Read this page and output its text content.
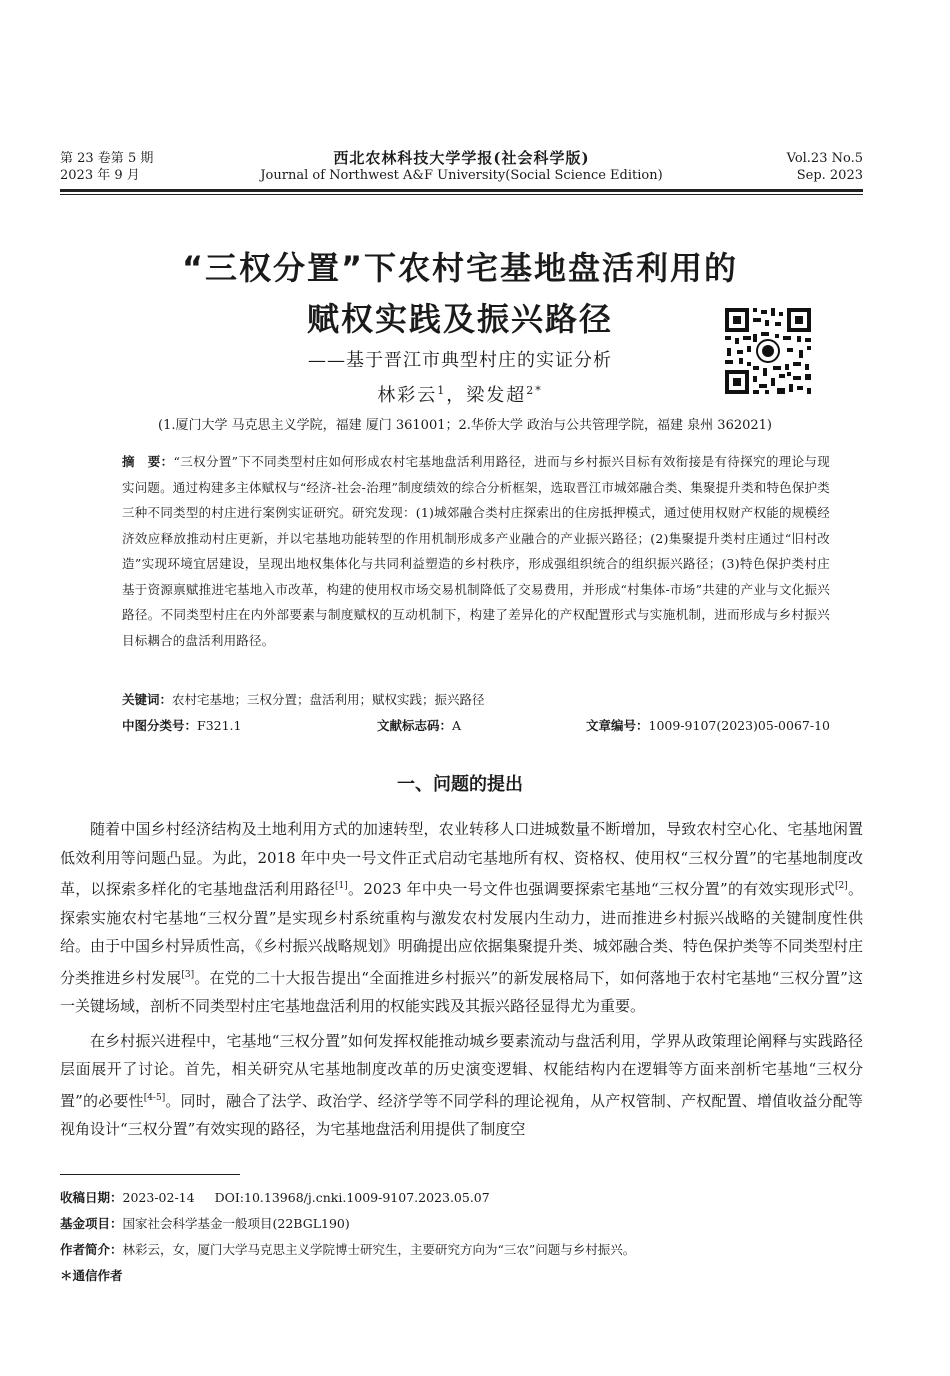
第 23 卷第 5 期
2023 年 9 月
西北农林科技大学学报(社会科学版)
Journal of Northwest A&F University(Social Science Edition)
Vol.23 No.5
Sep. 2023
“三权分置”下农村宅基地盘活利用的
赋权实践及振兴路径
——基于晋江市典型村庄的实证分析
林彩云$^1$，梁发超$^{2*}$
(1.厦门大学 马克思主义学院，福建 厦门 361001；2.华侨大学 政治与公共管理学院，福建 泉州 362021)
摘　要：“三权分置”下不同类型村庄如何形成农村宅基地盘活利用路径，进而与乡村振兴目标有效衔接是有待探究的理论与现实问题。通过构建多主体赋权与“经济-社会-治理”制度绩效的综合分析框架，选取晋江市城郊融合类、集聚提升类和特色保护类三种不同类型的村庄进行案例实证研究。研究发现：(1)城郊融合类村庄探索出的住房抵押模式，通过使用权财产权能的规模经济效应释放推动村庄更新，并以宅基地功能转型的作用机制形成多产业融合的产业振兴路径；(2)集聚提升类村庄通过“旧村改造”实现环境宜居建设，呈现出地权集体化与共同利益塑造的乡村秩序，形成强组织统合的组织振兴路径；(3)特色保护类村庄基于资源禀赋推进宅基地入市改革，构建的使用权市场交易机制降低了交易费用，并形成“村集体-市场”共建的产业与文化振兴路径。不同类型村庄在内外部要素与制度赋权的互动机制下，构建了差异化的产权配置形式与实施机制，进而形成与乡村振兴目标耦合的盘活利用路径。
关键词：农村宅基地；三权分置；盘活利用；赋权实践；振兴路径
中图分类号：F321.1	文献标志码：A	文章编号：1009-9107(2023)05-0067-10
一、问题的提出

随着中国乡村经济结构及土地利用方式的加速转型，农业转移人口进城数量不断增加，导致农村空心化、宅基地闲置低效利用等问题凸显。为此，2018 年中央一号文件正式启动宅基地所有权、资格权、使用权“三权分置”的宅基地制度改革，以探索多样化的宅基地盘活利用路径[1]。2023 年中央一号文件也强调要探索宅基地“三权分置”的有效实现形式[2]。探索实施农村宅基地“三权分置”是实现乡村系统重构与激发农村发展内生动力，进而推进乡村振兴战略的关键制度性供给。由于中国乡村异质性高，《乡村振兴战略规划》明确提出应依据集聚提升类、城郊融合类、特色保护类等不同类型村庄分类推进乡村发展[3]。在党的二十大报告提出“全面推进乡村振兴”的新发展格局下，如何落地于农村宅基地“三权分置”这一关键场域，剖析不同类型村庄宅基地盘活利用的权能实践及其振兴路径显得尤为重要。

在乡村振兴进程中，宅基地“三权分置”如何发挥权能推动城乡要素流动与盘活利用，学界从政策理论阐释与实践路径层面展开了讨论。首先，相关研究从宅基地制度改革的历史演变逻辑、权能结构内在逻辑等方面来剖析宅基地“三权分置”的必要性[4-5]。同时，融合了法学、政治学、经济学等不同学科的理论视角，从产权管制、产权配置、增值收益分配等视角设计“三权分置”有效实现的路径，为宅基地盘活利用提供了制度空

收稿日期：2023-02-14 DOI:10.13968/j.cnki.1009-9107.2023.05.07
基金项目：国家社会科学基金一般项目(22BGL190)
作者简介：林彩云，女，厦门大学马克思主义学院博士研究生，主要研究方向为“三农”问题与乡村振兴。
＊通信作者
